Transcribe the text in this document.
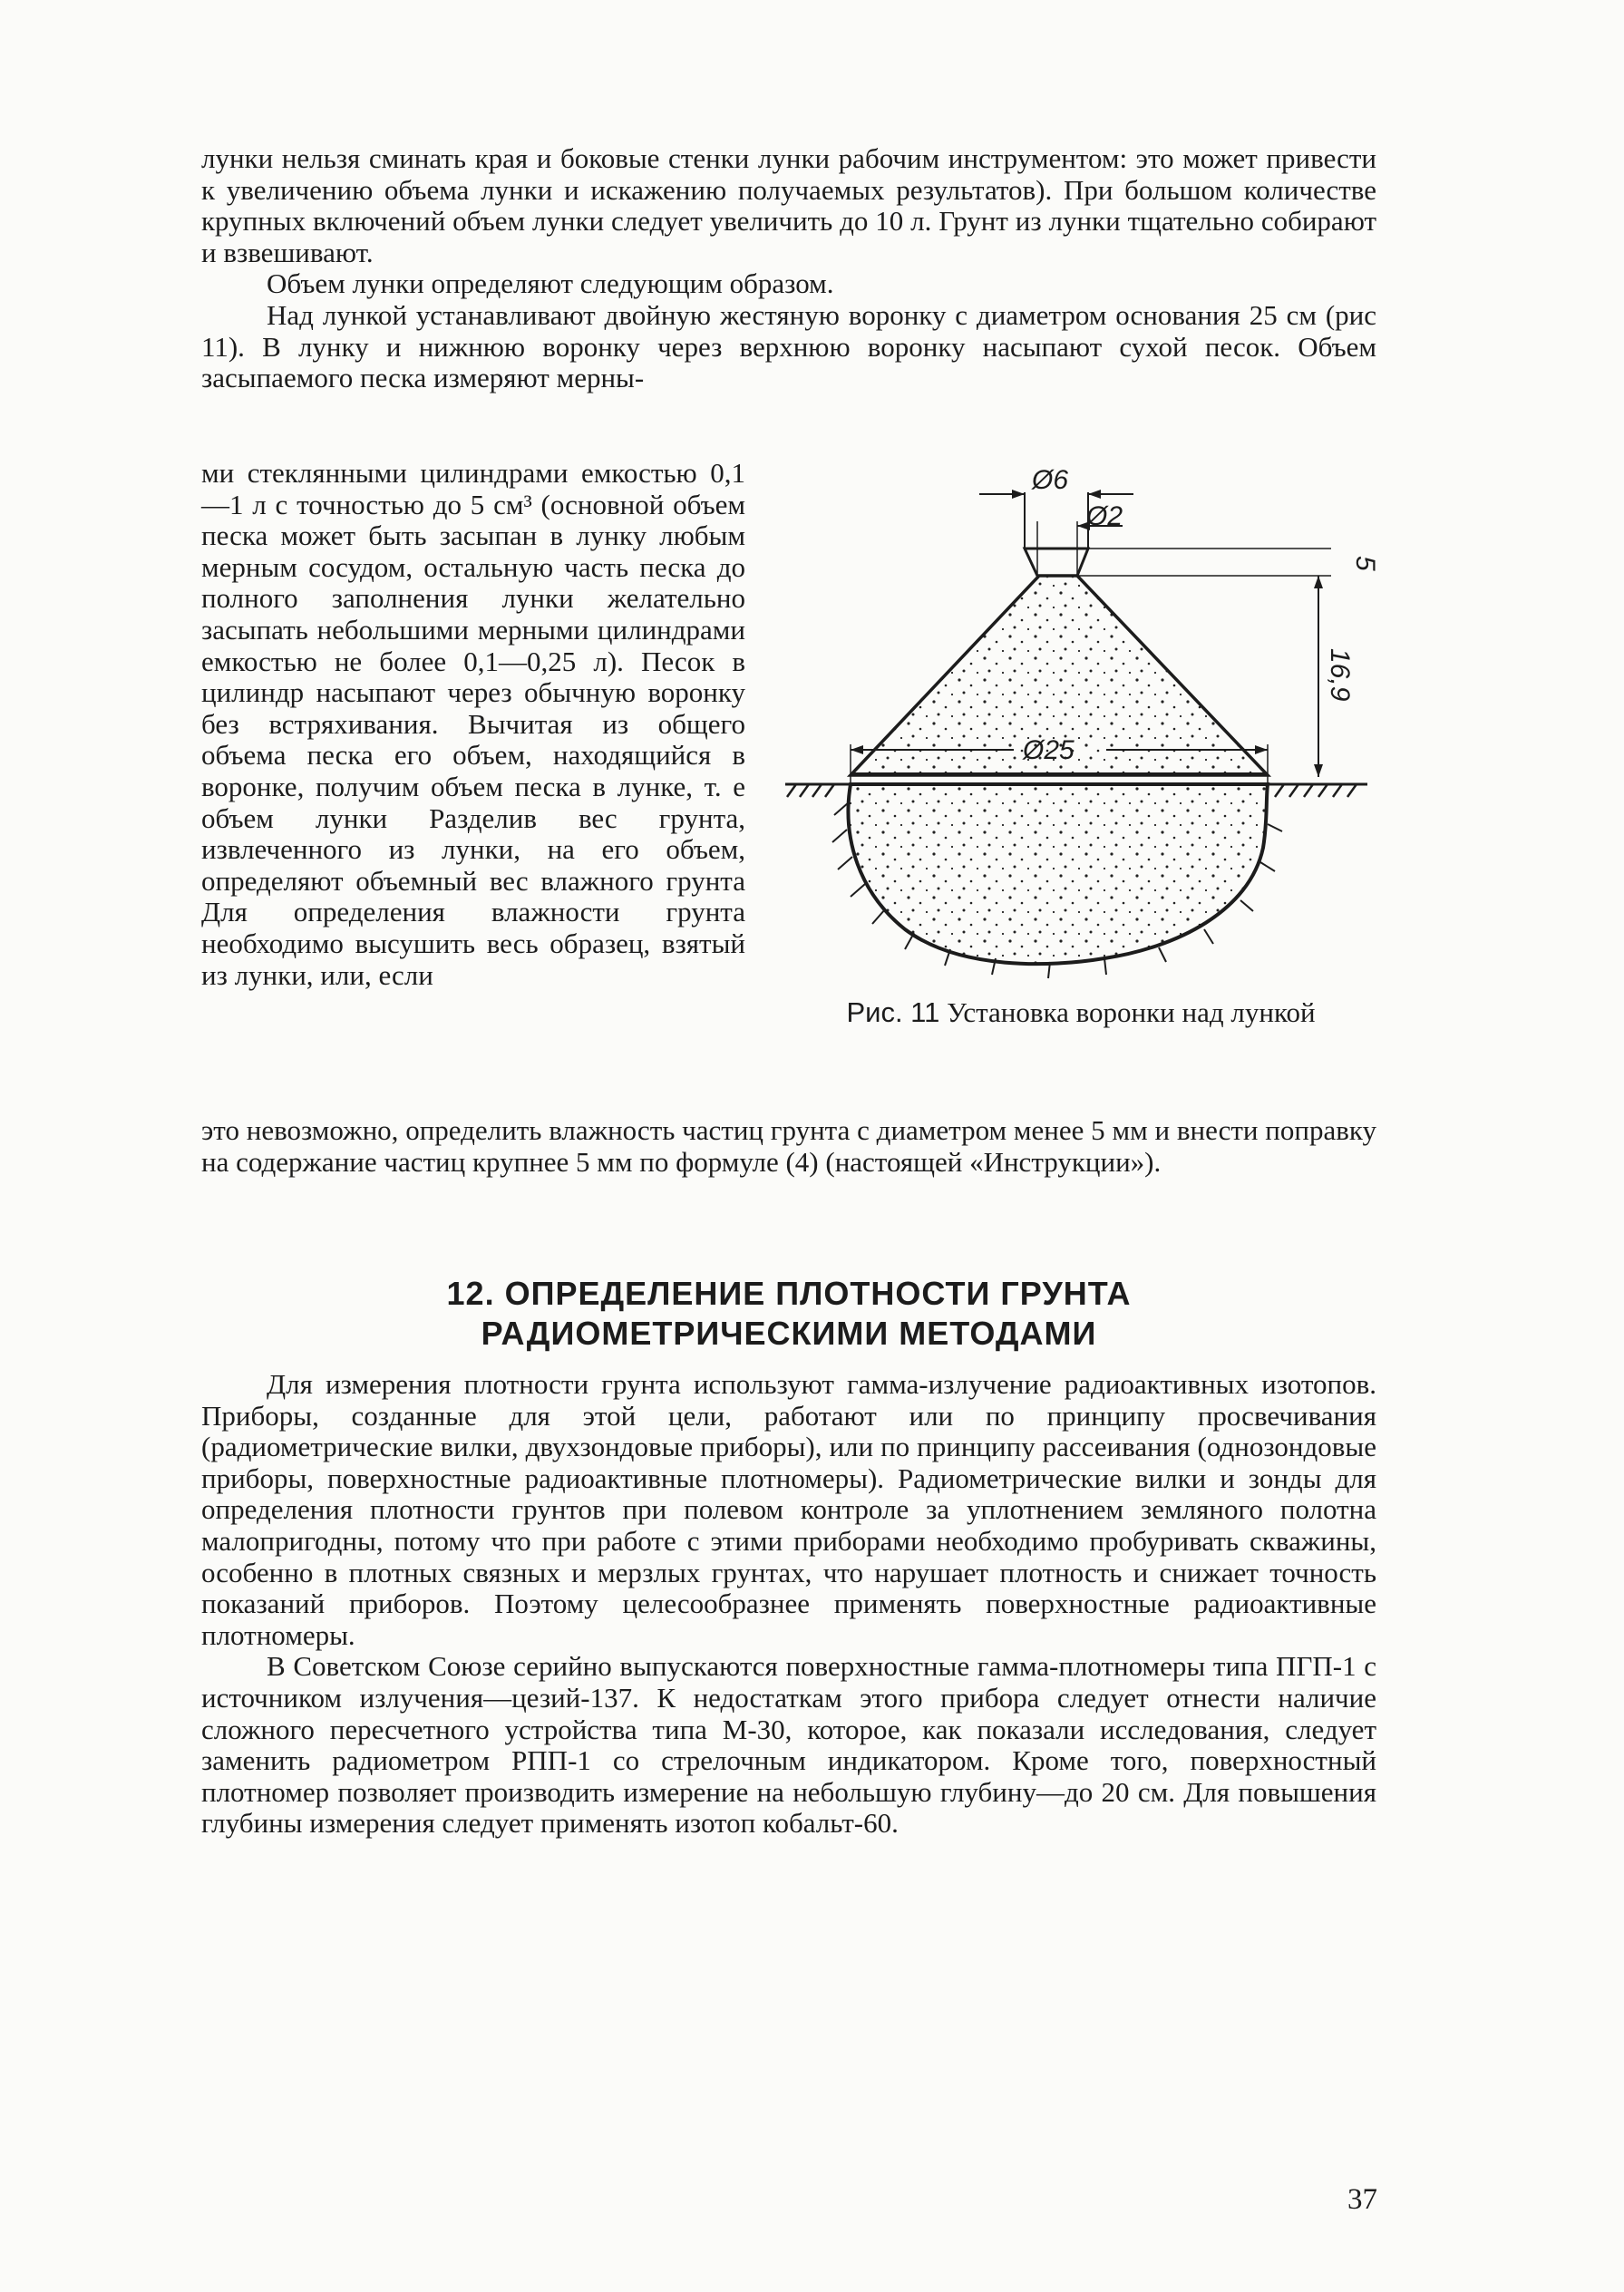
лунки нельзя сминать края и боковые стенки лунки рабочим инструментом: это может привести к увеличению объема лунки и искажению получаемых результатов). При большом количестве крупных включений объем лунки следует увеличить до 10 л. Грунт из лунки тщательно собирают и взвешивают.

Объем лунки определяют следующим образом.

Над лункой устанавливают двойную жестяную воронку с диаметром основания 25 см (рис 11). В лунку и нижнюю воронку через верхнюю воронку насыпают сухой песок. Объем засыпаемого песка измеряют мерны-

ми стеклянными цилиндрами емкостью 0,1—1 л с точностью до 5 см³ (основной объем песка может быть засыпан в лунку любым мерным сосудом, остальную часть песка до полного заполнения лунки желательно засыпать небольшими мерными цилиндрами емкостью не более 0,1—0,25 л). Песок в цилиндр насыпают через обычную воронку без встряхивания. Вычитая из общего объема песка его объем, находящийся в воронке, получим объем песка в лунке, т. е объем лунки Разделив вес грунта, извлеченного из лунки, на его объем, определяют объемный вес влажного грунта Для определения влажности грунта необходимо высушить весь образец, взятый из лунки, или, если

Ø6
Ø2
5
16,9
Ø25
Рис. 11 Установка воронки над лункой

это невозможно, определить влажность частиц грунта с диаметром менее 5 мм и внести поправку на содержание частиц крупнее 5 мм по формуле (4) (настоящей «Инструкции»).

12. ОПРЕДЕЛЕНИЕ ПЛОТНОСТИ ГРУНТА
РАДИОМЕТРИЧЕСКИМИ МЕТОДАМИ

Для измерения плотности грунта используют гамма-излучение радиоактивных изотопов. Приборы, созданные для этой цели, работают или по принципу просвечивания (радиометрические вилки, двухзондовые приборы), или по принципу рассеивания (однозондовые приборы, поверхностные радиоактивные плотномеры). Радиометрические вилки и зонды для определения плотности грунтов при полевом контроле за уплотнением земляного полотна малопригодны, потому что при работе с этими приборами необходимо пробуривать скважины, особенно в плотных связных и мерзлых грунтах, что нарушает плотность и снижает точность показаний приборов. Поэтому целесообразнее применять поверхностные радиоактивные плотномеры.

В Советском Союзе серийно выпускаются поверхностные гамма-плотномеры типа ПГП-1 с источником излучения—цезий-137. К недостаткам этого прибора следует отнести наличие сложного пересчетного устройства типа М-30, которое, как показали исследования, следует заменить радиометром РПП-1 со стрелочным индикатором. Кроме того, поверхностный плотномер позволяет производить измерение на небольшую глубину—до 20 см. Для повышения глубины измерения следует применять изотоп кобальт-60.

37
